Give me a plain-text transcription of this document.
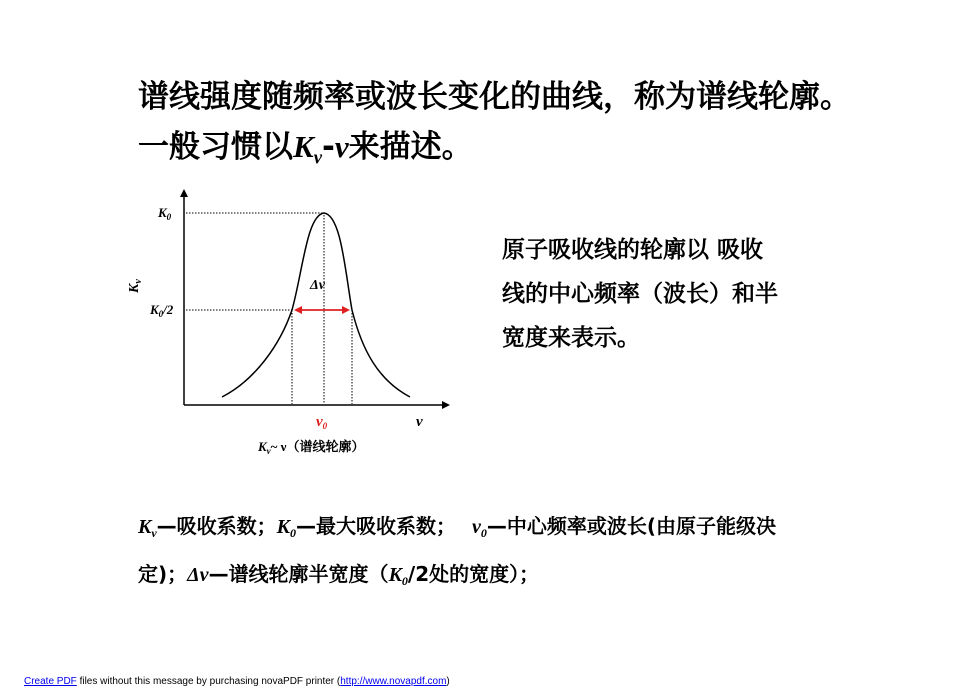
谱线强度随频率或波长变化的曲线，称为谱线轮廓。
一般习惯以$K_\nu-\nu$来描述。
$K_0$
$K_0/2$
$K_\nu$	Δν
$\nu_0$	ν
$K_\nu\sim$ ν（谱线轮廓）
原子吸收线的轮廓以 吸收
线的中心频率（波长）和半
宽度来表示。
$K_\nu—$吸收系数；$K_0—$最大吸收系数； $\nu_0—$中心频率或波长(由原子能级决
定)；Δν—谱线轮廓半宽度（$K_0/2$处的宽度）；
Create PDF files without this message by purchasing novaPDF printer (http://www.novapdf.com)
